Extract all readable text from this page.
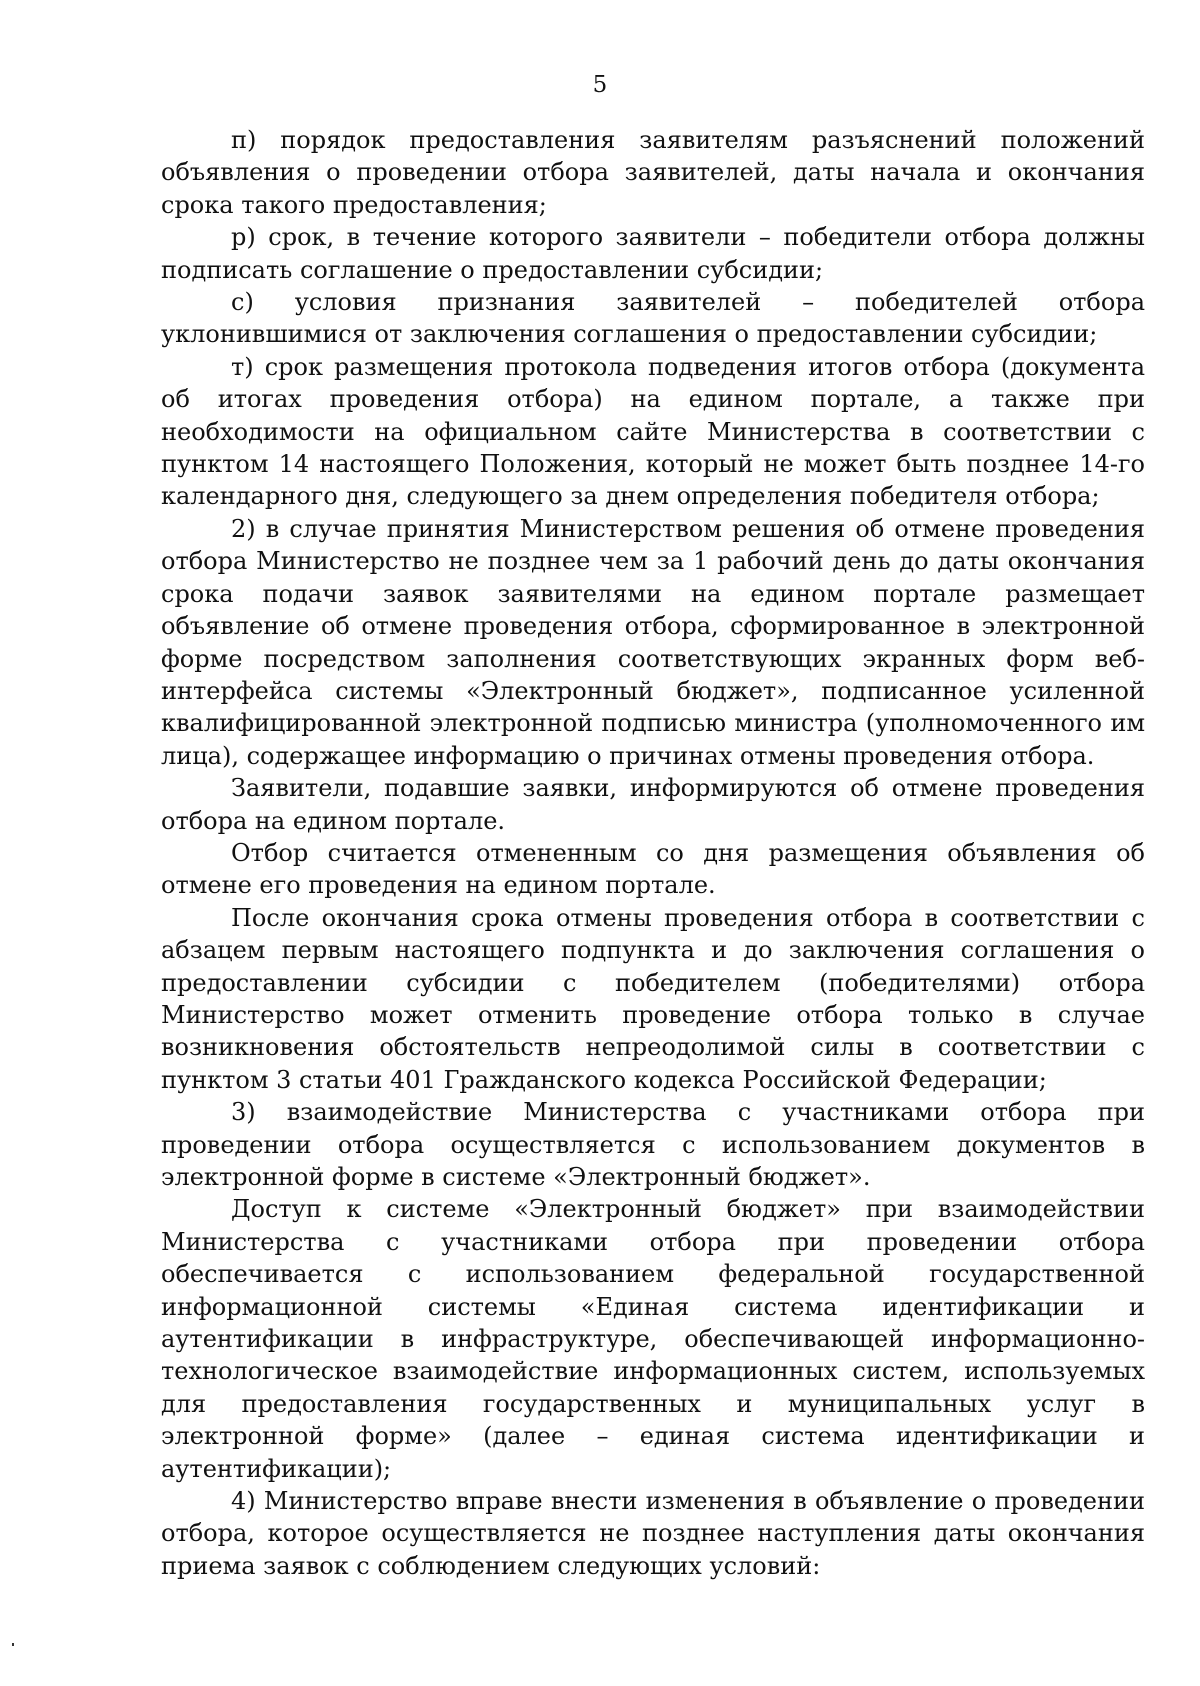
5

п) порядок предоставления заявителям разъяснений положений объявления о проведении отбора заявителей, даты начала и окончания срока такого предоставления;

р) срок, в течение которого заявители – победители отбора должны подписать соглашение о предоставлении субсидии;

с) условия признания заявителей – победителей отбора уклонившимися от заключения соглашения о предоставлении субсидии;

т) срок размещения протокола подведения итогов отбора (документа об итогах проведения отбора) на едином портале, а также при необходимости на официальном сайте Министерства в соответствии с пунктом 14 настоящего Положения, который не может быть позднее 14-го календарного дня, следующего за днем определения победителя отбора;

2) в случае принятия Министерством решения об отмене проведения отбора Министерство не позднее чем за 1 рабочий день до даты окончания срока подачи заявок заявителями на едином портале размещает объявление об отмене проведения отбора, сформированное в электронной форме посредством заполнения соответствующих экранных форм веб-интерфейса системы «Электронный бюджет», подписанное усиленной квалифицированной электронной подписью министра (уполномоченного им лица), содержащее информацию о причинах отмены проведения отбора.

Заявители, подавшие заявки, информируются об отмене проведения отбора на едином портале.

Отбор считается отмененным со дня размещения объявления об отмене его проведения на едином портале.

После окончания срока отмены проведения отбора в соответствии с абзацем первым настоящего подпункта и до заключения соглашения о предоставлении субсидии с победителем (победителями) отбора Министерство может отменить проведение отбора только в случае возникновения обстоятельств непреодолимой силы в соответствии с пунктом 3 статьи 401 Гражданского кодекса Российской Федерации;

3) взаимодействие Министерства с участниками отбора при проведении отбора осуществляется с использованием документов в электронной форме в системе «Электронный бюджет».

Доступ к системе «Электронный бюджет» при взаимодействии Министерства с участниками отбора при проведении отбора обеспечивается с использованием федеральной государственной информационной системы «Единая система идентификации и аутентификации в инфраструктуре, обеспечивающей информационно-технологическое взаимодействие информационных систем, используемых для предоставления государственных и муниципальных услуг в электронной форме» (далее – единая система идентификации и аутентификации);

4) Министерство вправе внести изменения в объявление о проведении отбора, которое осуществляется не позднее наступления даты окончания приема заявок с соблюдением следующих условий:
